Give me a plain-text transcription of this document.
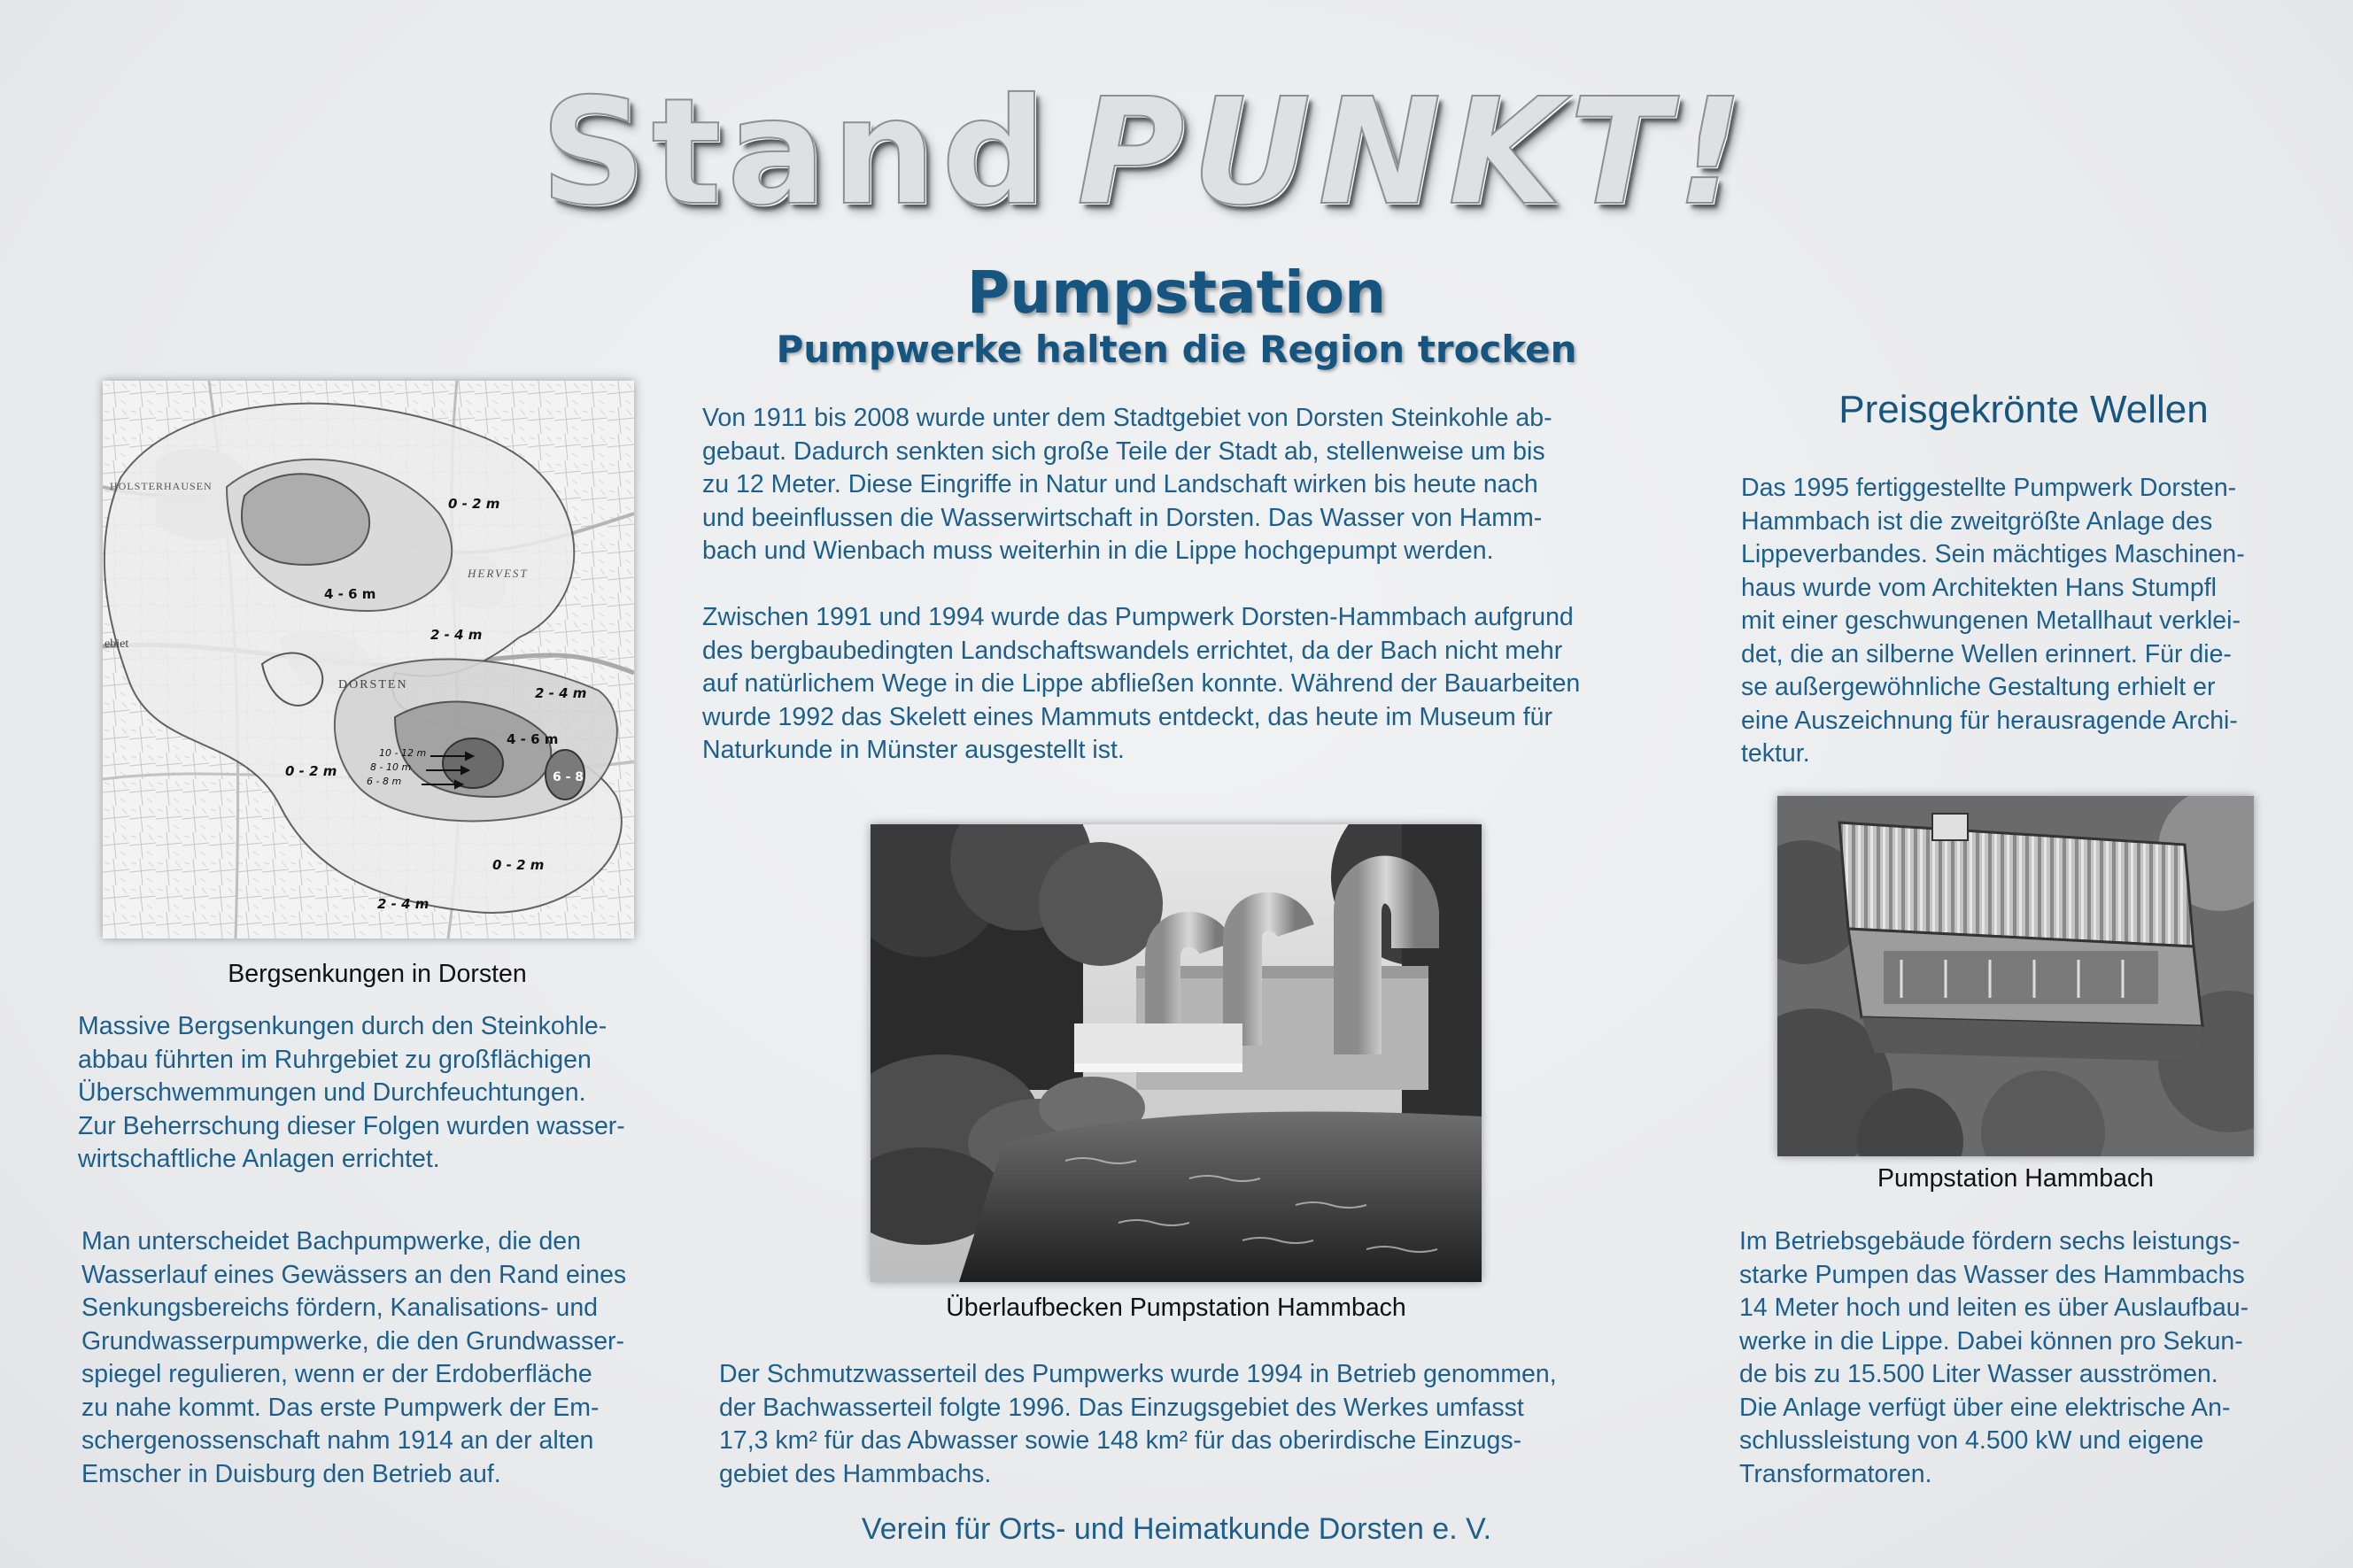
Stand PUNKT!
Pumpstation
Pumpwerke halten die Region trocken
Preisgekrönte Wellen
0 - 2 m
4 - 6 m
2 - 4 m
2 - 4 m
4 - 6 m
0 - 2 m	6 - 8
0 - 2 m
2 - 4 m
10 - 12 m
8 - 10 m
6 - 8 m
DORSTEN
HERVEST
HOLSTERHAUSEN
ebiet
Bergsenkungen in Dorsten
Massive Bergsenkungen durch den Steinkohle-
abbau führten im Ruhrgebiet zu großflächigen
Überschwemmungen und Durchfeuchtungen.
Zur Beherrschung dieser Folgen wurden wasser-
wirtschaftliche Anlagen errichtet.
Man unterscheidet Bachpumpwerke, die den
Wasserlauf eines Gewässers an den Rand eines
Senkungsbereichs fördern, Kanalisations- und
Grundwasserpumpwerke, die den Grundwasser-
spiegel regulieren, wenn er der Erdoberfläche
zu nahe kommt. Das erste Pumpwerk der Em-
schergenossenschaft nahm 1914 an der alten
Emscher in Duisburg den Betrieb auf.
Von 1911 bis 2008 wurde unter dem Stadtgebiet von Dorsten Steinkohle ab-
gebaut. Dadurch senkten sich große Teile der Stadt ab, stellenweise um bis
zu 12 Meter. Diese Eingriffe in Natur und Landschaft wirken bis heute nach
und beeinflussen die Wasserwirtschaft in Dorsten. Das Wasser von Hamm-
bach und Wienbach muss weiterhin in die Lippe hochgepumpt werden.
Zwischen 1991 und 1994 wurde das Pumpwerk Dorsten-Hammbach aufgrund
des bergbaubedingten Landschaftswandels errichtet, da der Bach nicht mehr
auf natürlichem Wege in die Lippe abfließen konnte. Während der Bauarbeiten
wurde 1992 das Skelett eines Mammuts entdeckt, das heute im Museum für
Naturkunde in Münster ausgestellt ist.
Überlaufbecken Pumpstation Hammbach
Der Schmutzwasserteil des Pumpwerks wurde 1994 in Betrieb genommen,
der Bachwasserteil folgte 1996. Das Einzugsgebiet des Werkes umfasst
17,3 km² für das Abwasser sowie 148 km² für das oberirdische Einzugs-
gebiet des Hammbachs.
Das 1995 fertiggestellte Pumpwerk Dorsten-
Hammbach ist die zweitgrößte Anlage des
Lippeverbandes. Sein mächtiges Maschinen-
haus wurde vom Architekten Hans Stumpfl
mit einer geschwungenen Metallhaut verklei-
det, die an silberne Wellen erinnert. Für die-
se außergewöhnliche Gestaltung erhielt er
eine Auszeichnung für herausragende Archi-
tektur.
Pumpstation Hammbach
Im Betriebsgebäude fördern sechs leistungs-
starke Pumpen das Wasser des Hammbachs
14 Meter hoch und leiten es über Auslaufbau-
werke in die Lippe. Dabei können pro Sekun-
de bis zu 15.500 Liter Wasser ausströmen.
Die Anlage verfügt über eine elektrische An-
schlussleistung von 4.500 kW und eigene
Transformatoren.
Verein für Orts- und Heimatkunde Dorsten e. V.
